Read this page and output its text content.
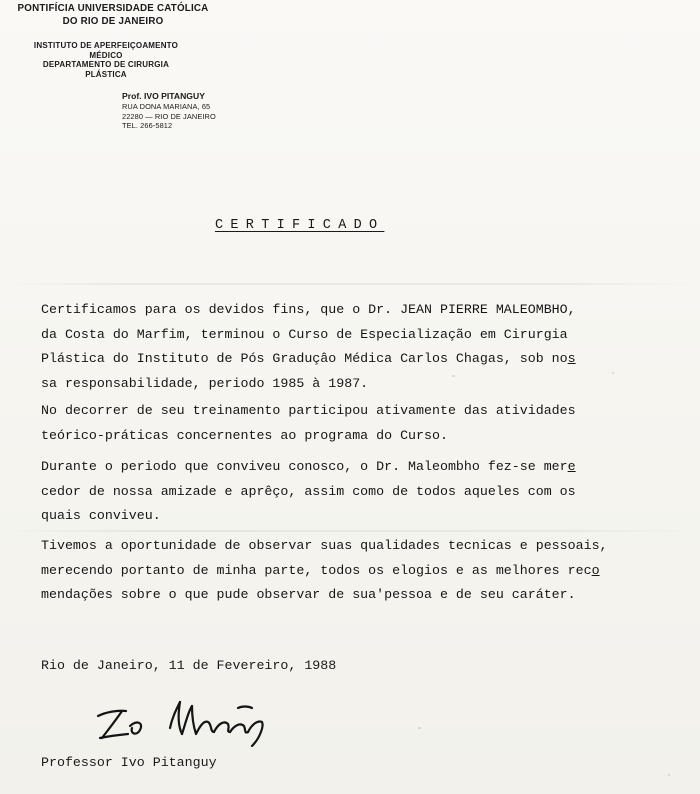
PONTIFÍCIA UNIVERSIDADE CATÓLICA
DO RIO DE JANEIRO
INSTITUTO DE APERFEIÇOAMENTO
MÉDICO
DEPARTAMENTO DE CIRURGIA
PLÁSTICA
Prof. IVO PITANGUY
RUA DONA MARIANA, 65
22280 — RIO DE JANEIRO
TEL. 266-5812
CERTIFICADO
Certificamos para os devidos fins, que o Dr. JEAN PIERRE MALEOMBHO,
da Costa do Marfim, terminou o Curso de Especialização em Cirurgia
Plástica do Instituto de Pós Graduçâo Médica Carlos Chagas, sob nos
sa responsabilidade, periodo 1985 à 1987.
No decorrer de seu treinamento participou ativamente das atividades
teórico-práticas concernentes ao programa do Curso.
Durante o periodo que conviveu conosco, o Dr. Maleombho fez-se mere
cedor de nossa amizade e aprêço, assim como de todos aqueles com os
quais conviveu.
Tivemos a oportunidade de observar suas qualidades tecnicas e pessoais,
merecendo portanto de minha parte, todos os elogios e as melhores reco
mendações sobre o que pude observar de sua'pessoa e de seu caráter.
Rio de Janeiro, 11 de Fevereiro, 1988
Professor Ivo Pitanguy
